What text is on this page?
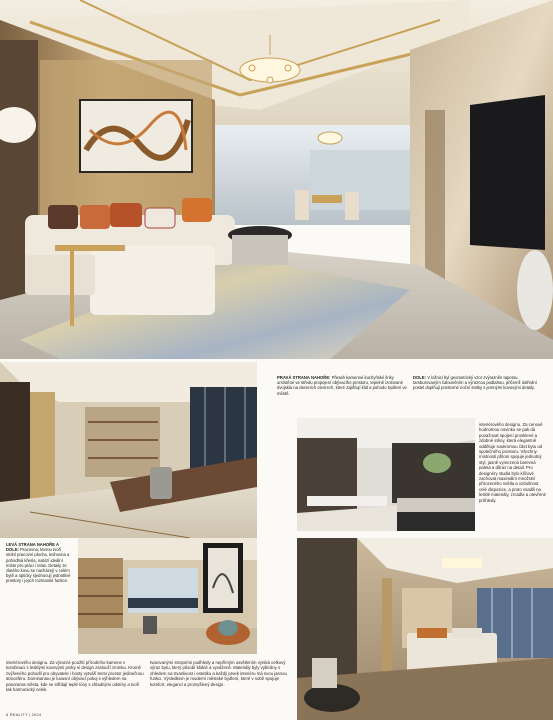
LEVÁ STRANA NAHOŘE A DOLE: Pracovna, kterou tvoří stolní pracovní plocha, knihovna a pohodlná křesla, nabízí ideální místo pro práci i relax. Detaily ze zlatého kovu se nacházejí v celém bytě a opticky sjednocují jednotlivé prostory i jejich rozmanité funkce.
PRAVÁ STRANA NAHOŘE: Přesah kamenné kuchyňské linky umístěné ve středu propojení obývacího prostoru, tepelně izolované dvojskla na okenních otvorech, které zajišťují klid a pohodu bydlení ve městě.
DOLE: V ložnici byl geometrický vzor zvýrazněn tapetou, tamburovaným čalouněním a výraznou podlahou, přičemž ústřední postel doplňují prostorné noční stolky s jemnými kovovými detaily.
interiérového designu. Za cenově hodnotnou novinku se pak dá považovat spojení prosklené a zdobné stěny, která elegantně odděluje soukromou část bytu od společného prostoru. Všechny místnosti přitom spojuje jednotný styl, jasně vymezená barevná paleta a důraz na detail. Pro designéry studia bylo klíčové zachovat maximální množství přirozeného světla a vzdušnost celé dispozice, a proto vsadili na lesklé materiály, zrcadla a otevřené průhledy.
interiérového designu. Za výrazné použití přírodního kamene v kombinaci s lesklými kovovými prvky si design zaslouží zmínku. Kromě zvýšeného pohodlí pro obyvatele i hosty vytváří tento prostor jedinečnou atmosféru. Dominantou je luxusní obývací pokoj s výhledem na panorama města, kde se střídají teplé tóny s chladnými odstíny a tvoří tak harmonický celek.
tvarovanými stropními podhledy a nepřímým osvětlením vyniká celkový výraz bytu, který působí klidně a vyváženě. Materiály byly vybírány s ohledem na trvanlivost i estetiku a každý prvek interiéru má svou jasnou funkci. Výsledkem je moderní městské bydlení, které v sobě spojuje komfort, eleganci a promyšlený design.
6 REALITY | 2024
